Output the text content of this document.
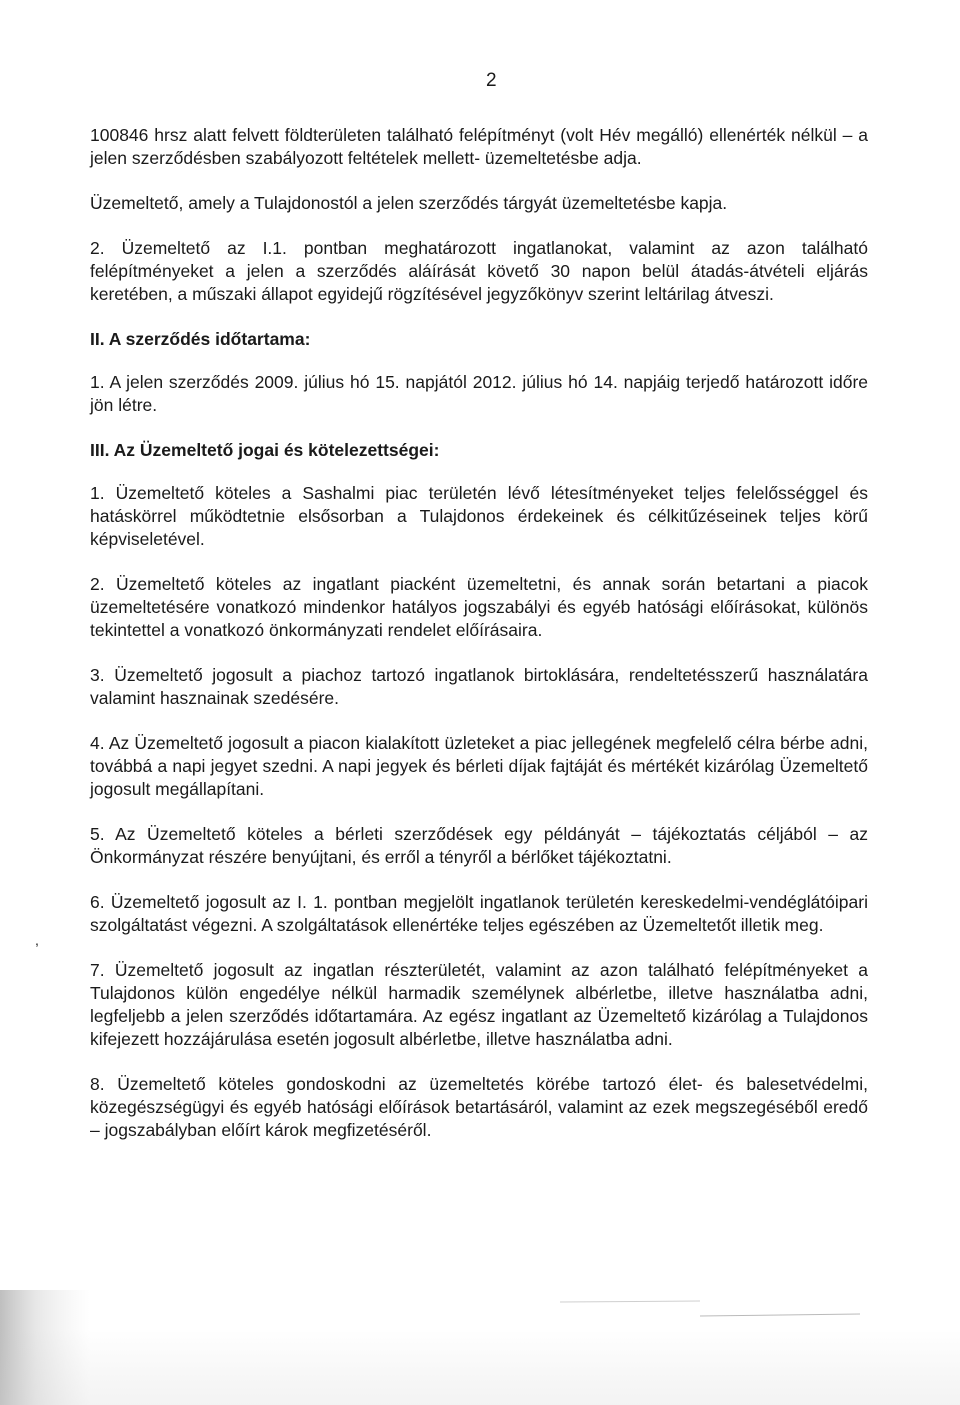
2

100846 hrsz alatt felvett földterületen található felépítményt (volt Hév megálló) ellenérték nélkül – a jelen szerződésben szabályozott feltételek mellett- üzemeltetésbe adja.

Üzemeltető, amely a Tulajdonostól a jelen szerződés tárgyát üzemeltetésbe kapja.

2. Üzemeltető az I.1. pontban meghatározott ingatlanokat, valamint az azon található felépítményeket a jelen a szerződés aláírását követő 30 napon belül átadás-átvételi eljárás keretében, a műszaki állapot egyidejű rögzítésével jegyzőkönyv szerint leltárilag átveszi.

II. A szerződés időtartama:

1. A jelen szerződés 2009. július hó 15. napjától 2012. július hó 14. napjáig terjedő határozott időre jön létre.

III. Az Üzemeltető jogai és kötelezettségei:

1. Üzemeltető köteles a Sashalmi piac területén lévő létesítményeket teljes felelősséggel és hatáskörrel működtetnie elsősorban a Tulajdonos érdekeinek és célkitűzéseinek teljes körű képviseletével.

2. Üzemeltető köteles az ingatlant piacként üzemeltetni, és annak során betartani a piacok üzemeltetésére vonatkozó mindenkor hatályos jogszabályi és egyéb hatósági előírásokat, különös tekintettel a vonatkozó önkormányzati rendelet előírásaira.

3. Üzemeltető jogosult a piachoz tartozó ingatlanok birtoklására, rendeltetésszerű használatára valamint hasznainak szedésére.

4. Az Üzemeltető jogosult a piacon kialakított üzleteket a piac jellegének megfelelő célra bérbe adni, továbbá a napi jegyet szedni. A napi jegyek és bérleti díjak fajtáját és mértékét kizárólag Üzemeltető jogosult megállapítani.

5. Az Üzemeltető köteles a bérleti szerződések egy példányát – tájékoztatás céljából – az Önkormányzat részére benyújtani, és erről a tényről a bérlőket tájékoztatni.

6. Üzemeltető jogosult az I. 1. pontban megjelölt ingatlanok területén kereskedelmi-vendéglátóipari szolgáltatást végezni. A szolgáltatások ellenértéke teljes egészében az Üzemeltetőt illetik meg.

7. Üzemeltető jogosult az ingatlan részterületét, valamint az azon található felépítményeket a Tulajdonos külön engedélye nélkül harmadik személynek albérletbe, illetve használatba adni, legfeljebb a jelen szerződés időtartamára. Az egész ingatlant az Üzemeltető kizárólag a Tulajdonos kifejezett hozzájárulása esetén jogosult albérletbe, illetve használatba adni.

8. Üzemeltető köteles gondoskodni az üzemeltetés körébe tartozó élet- és balesetvédelmi, közegészségügyi és egyéb hatósági előírások betartásáról, valamint az ezek megszegéséből eredő – jogszabályban előírt károk megfizetéséről.

,
